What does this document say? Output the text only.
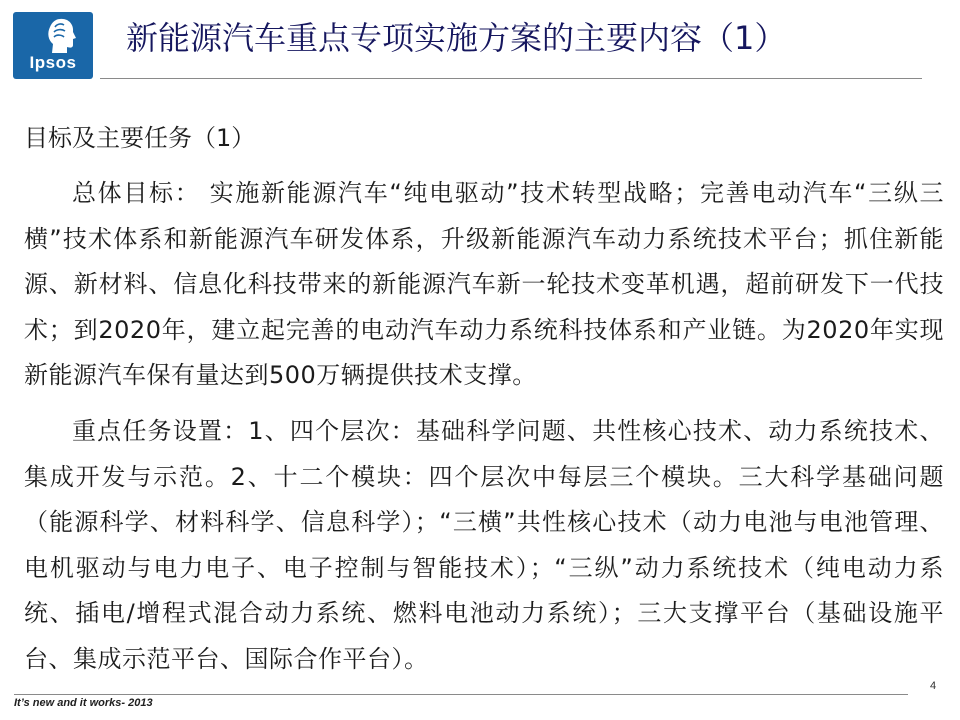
Ipsos
新能源汽车重点专项实施方案的主要内容（1）
目标及主要任务（1）
总体目标： 实施新能源汽车“纯电驱动”技术转型战略；完善电动汽车“三纵三横”技术体系和新能源汽车研发体系，升级新能源汽车动力系统技术平台；抓住新能源、新材料、信息化科技带来的新能源汽车新一轮技术变革机遇，超前研发下一代技术；到2020年，建立起完善的电动汽车动力系统科技体系和产业链。为2020年实现新能源汽车保有量达到500万辆提供技术支撑。
重点任务设置：1、四个层次：基础科学问题、共性核心技术、动力系统技术、集成开发与示范。2、十二个模块：四个层次中每层三个模块。三大科学基础问题（能源科学、材料科学、信息科学）；“三横”共性核心技术（动力电池与电池管理、电机驱动与电力电子、电子控制与智能技术）；“三纵”动力系统技术（纯电动力系统、插电/增程式混合动力系统、燃料电池动力系统）；三大支撑平台（基础设施平台、集成示范平台、国际合作平台）。
4
It’s new and it works- 2013
